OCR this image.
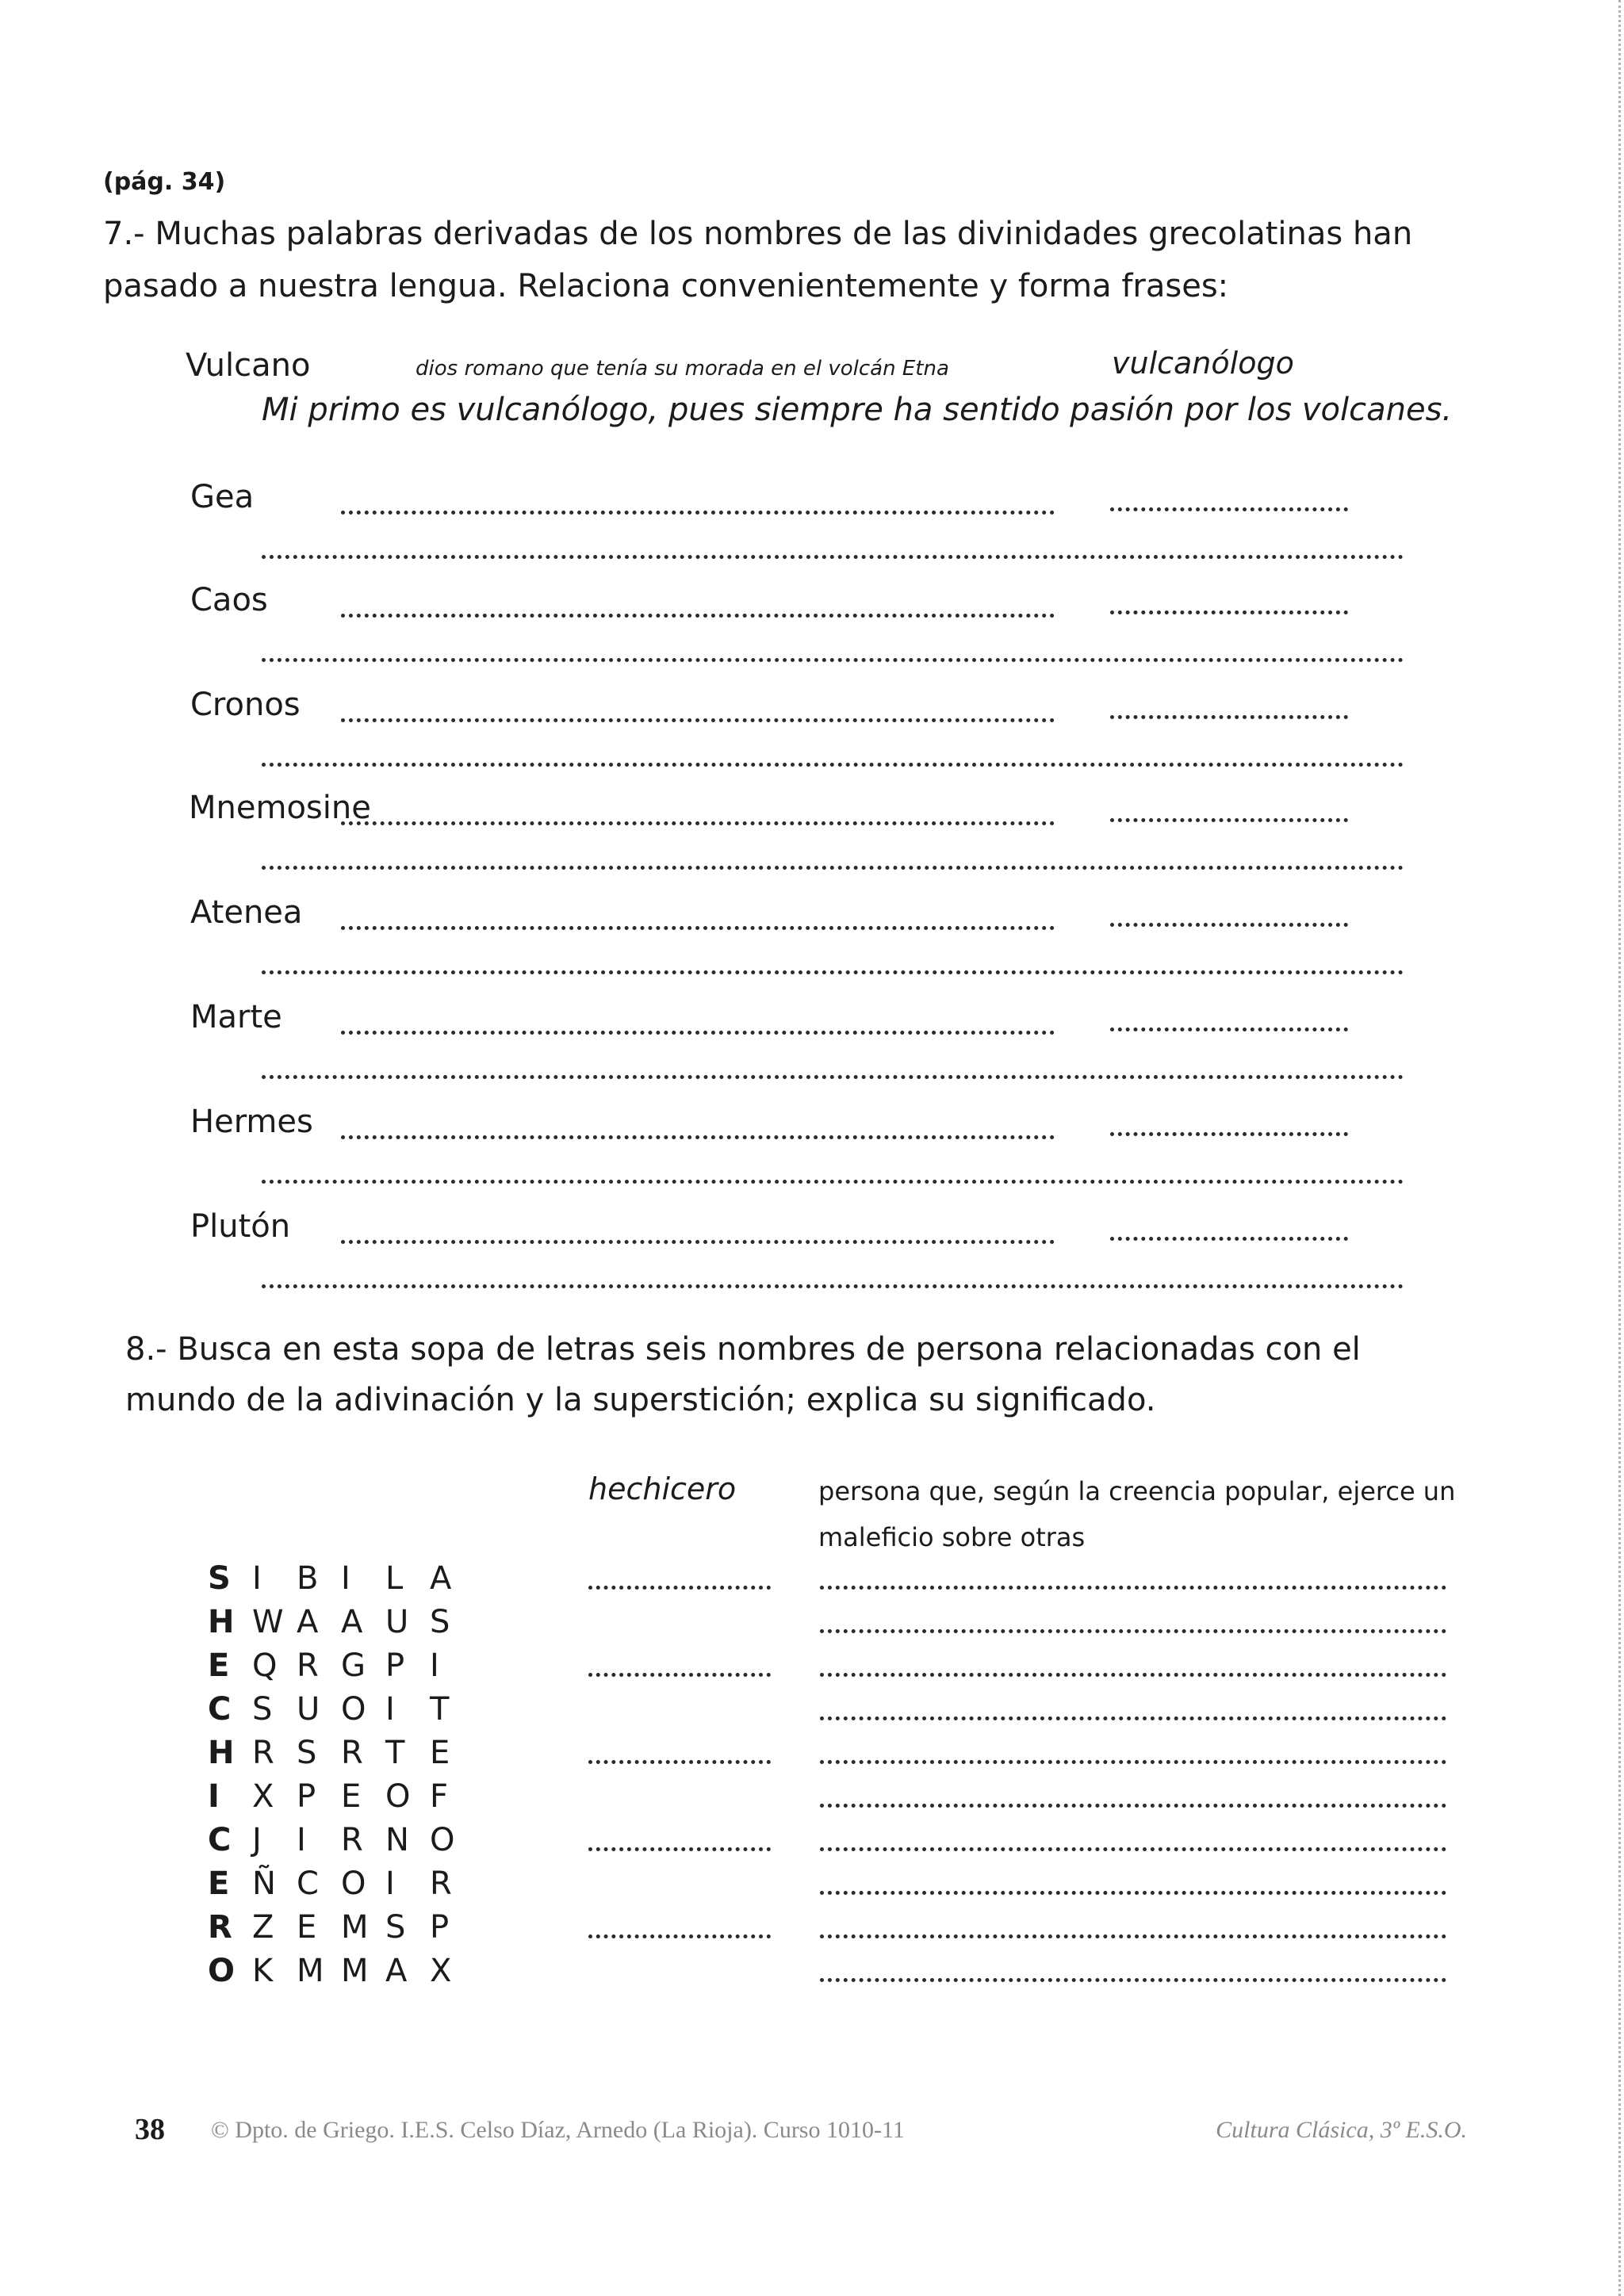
(pág. 34)
7.- Muchas palabras derivadas de los nombres de las divinidades grecolatinas han pasado a nuestra lengua. Relaciona convenientemente y forma frases:
Vulcano	dios romano que tenía su morada en el volcán Etna	vulcanólogo
Mi primo es vulcanólogo, pues siempre ha sentido pasión por los volcanes.
Gea
Caos
Cronos
Mnemosine
Atenea
Marte
Hermes
Plutón
8.- Busca en esta sopa de letras seis nombres de persona relacionadas con el mundo de la adivinación y la superstición; explica su significado.
hechicero	persona que, según la creencia popular, ejerce un maleficio sobre otras
S I B I L A
H W A A U S
E Q R G P I
C S U O I T
H R S R T E
I X P E O F
C J I R N O
E Ñ C O I R
R Z E M S P
O K M M A X
38 © Dpto. de Griego. I.E.S. Celso Díaz, Arnedo (La Rioja). Curso 1010-11	Cultura Clásica, 3º E.S.O.
